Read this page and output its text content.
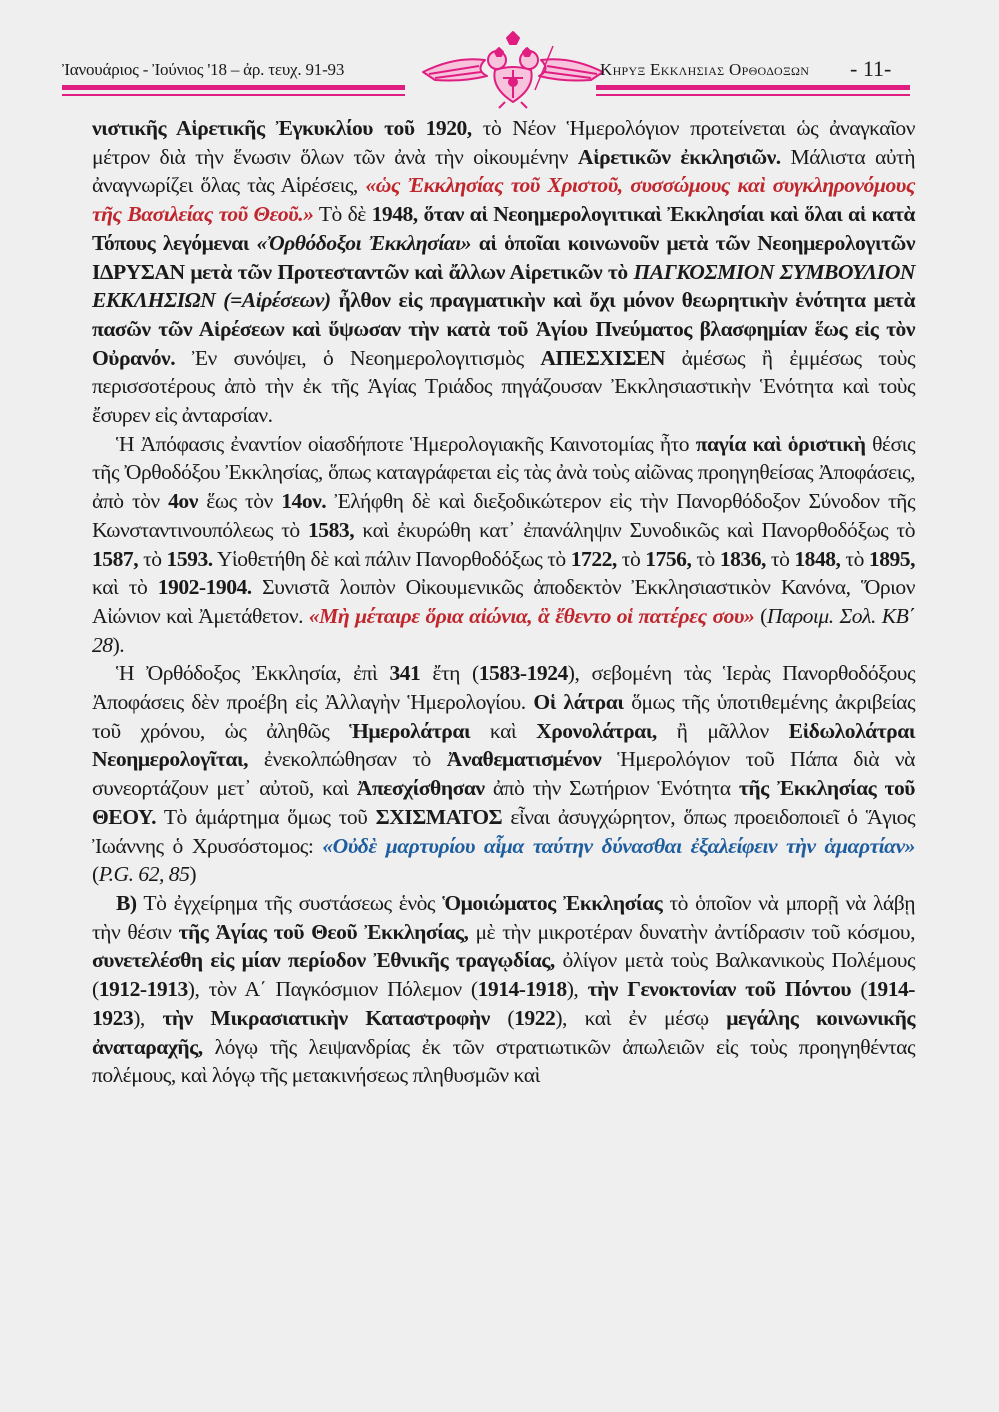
Ἰανουάριος - Ἰούνιος '18 – ἀρ. τευχ. 91-93	Κηρυξ Εκκλησιας Ορθοδοξων - 11-

νιστικῆς Αἱρετικῆς Ἐγκυκλίου τοῦ 1920, τὸ Νέον Ἡμερολόγιον προτείνεται ὡς ἀναγκαῖον μέτρον διὰ τὴν ἕνωσιν ὅλων τῶν ἀνὰ τὴν οἰκουμένην Αἱρετικῶν ἐκκλησιῶν. Μάλιστα αὐτὴ ἀναγνωρίζει ὅλας τὰς Αἱρέσεις, «ὡς Ἐκκλησίας τοῦ Χριστοῦ, συσσώμους καὶ συγκληρονόμους τῆς Βασιλείας τοῦ Θεοῦ.» Τὸ δὲ 1948, ὅταν αἱ Νεοημερολογιτικαὶ Ἐκκλησίαι καὶ ὅλαι αἱ κατὰ Τόπους λεγόμεναι «Ὀρθόδοξοι Ἐκκλησίαι» αἱ ὁποῖαι κοινωνοῦν μετὰ τῶν Νεοημερολογιτῶν ΙΔΡΥΣΑΝ μετὰ τῶν Προτεσταντῶν καὶ ἄλλων Αἱρετικῶν τὸ ΠΑΓΚΟΣΜΙΟΝ ΣΥΜΒΟΥΛΙΟΝ ΕΚΚΛΗΣΙΩΝ (=Αἱρέσεων) ἦλθον εἰς πραγματικὴν καὶ ὄχι μόνον θεωρητικὴν ἑνότητα μετὰ πασῶν τῶν Αἱρέσεων καὶ ὕψωσαν τὴν κατὰ τοῦ Ἁγίου Πνεύματος βλασφημίαν ἕως εἰς τὸν Οὐρανόν. Ἐν συνόψει, ὁ Νεοημερολογιτισμὸς ΑΠΕΣΧΙΣΕΝ ἀμέσως ἢ ἐμμέσως τοὺς περισσοτέρους ἀπὸ τὴν ἐκ τῆς Ἁγίας Τριάδος πηγάζουσαν Ἐκκλησιαστικὴν Ἑνότητα καὶ τοὺς ἔσυρεν εἰς ἀνταρσίαν.

Ἡ Ἀπόφασις ἐναντίον οἱασδήποτε Ἡμερολογιακῆς Καινοτομίας ἦτο παγία καὶ ὁριστικὴ θέσις τῆς Ὀρθοδόξου Ἐκκλησίας, ὅπως καταγράφεται εἰς τὰς ἀνὰ τοὺς αἰῶνας προηγηθείσας Ἀποφάσεις, ἀπὸ τὸν 4ον ἕως τὸν 14ον. Ἐλήφθη δὲ καὶ διεξοδικώτερον εἰς τὴν Πανορθόδοξον Σύνοδον τῆς Κωνσταντινουπόλεως τὸ 1583, καὶ ἐκυρώθη κατ᾽ ἐπανάληψιν Συνοδικῶς καὶ Πανορθοδόξως τὸ 1587, τὸ 1593. Υἱοθετήθη δὲ καὶ πάλιν Πανορθοδόξως τὸ 1722, τὸ 1756, τὸ 1836, τὸ 1848, τὸ 1895, καὶ τὸ 1902-1904. Συνιστᾶ λοιπὸν Οἰκουμενικῶς ἀποδεκτὸν Ἐκκλησιαστικὸν Κανόνα, Ὅριον Αἰώνιον καὶ Ἀμετάθετον. «Μὴ μέταιρε ὅρια αἰώνια, ἃ ἔθεντο οἱ πατέρες σου» (Παροιμ. Σολ. ΚΒ΄ 28).

Ἡ Ὀρθόδοξος Ἐκκλησία, ἐπὶ 341 ἔτη (1583-1924), σεβομένη τὰς Ἱερὰς Πανορθοδόξους Ἀποφάσεις δὲν προέβη εἰς Ἀλλαγὴν Ἡμερολογίου. Οἱ λάτραι ὅμως τῆς ὑποτιθεμένης ἀκριβείας τοῦ χρόνου, ὡς ἀληθῶς Ἡμερολάτραι καὶ Χρονολάτραι, ἢ μᾶλλον Εἰδωλολάτραι Νεοημερολογῖται, ἐνεκολπώθησαν τὸ Ἀναθεματισμένον Ἡμερολόγιον τοῦ Πάπα διὰ νὰ συνεορτάζουν μετ᾽ αὐτοῦ, καὶ Ἀπεσχίσθησαν ἀπὸ τὴν Σωτήριον Ἑνότητα τῆς Ἐκκλησίας τοῦ ΘΕΟΥ. Τὸ ἁμάρτημα ὅμως τοῦ ΣΧΙΣΜΑΤΟΣ εἶναι ἀσυγχώρητον, ὅπως προειδοποιεῖ ὁ Ἅγιος Ἰωάννης ὁ Χρυσόστομος: «Οὐδὲ μαρτυρίου αἷμα ταύτην δύνασθαι ἐξαλείφειν τὴν ἁμαρτίαν» (P.G. 62, 85)

Β) Τὸ ἐγχείρημα τῆς συστάσεως ἑνὸς Ὁμοιώματος Ἐκκλησίας τὸ ὁποῖον νὰ μπορῇ νὰ λάβῃ τὴν θέσιν τῆς Ἁγίας τοῦ Θεοῦ Ἐκκλησίας, μὲ τὴν μικροτέραν δυνατὴν ἀντίδρασιν τοῦ κόσμου, συνετελέσθη εἰς μίαν περίοδον Ἐθνικῆς τραγῳδίας, ὀλίγον μετὰ τοὺς Βαλκανικοὺς Πολέμους (1912-1913), τὸν Α΄ Παγκόσμιον Πόλεμον (1914-1918), τὴν Γενοκτονίαν τοῦ Πόντου (1914-1923), τὴν Μικρασιατικὴν Καταστροφὴν (1922), καὶ ἐν μέσῳ μεγάλης κοινωνικῆς ἀναταραχῆς, λόγῳ τῆς λειψανδρίας ἐκ τῶν στρατιωτικῶν ἀπωλειῶν εἰς τοὺς προηγηθέντας πολέμους, καὶ λόγῳ τῆς μετακινήσεως πληθυσμῶν καὶ
